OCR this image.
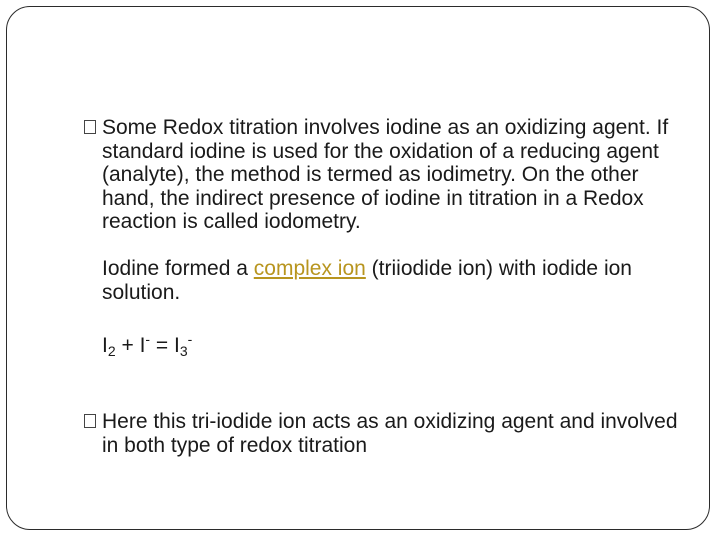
Some Redox titration involves iodine as an oxidizing agent. If standard iodine is used for the oxidation of a reducing agent (analyte), the method is termed as iodimetry. On the other hand, the indirect presence of iodine in titration in a Redox reaction is called iodometry.

Iodine formed a complex ion (triiodide ion) with iodide ion solution.

$I_2 + I^- = I_3^-$

Here this tri-iodide ion acts as an oxidizing agent and involved in both type of redox titration
